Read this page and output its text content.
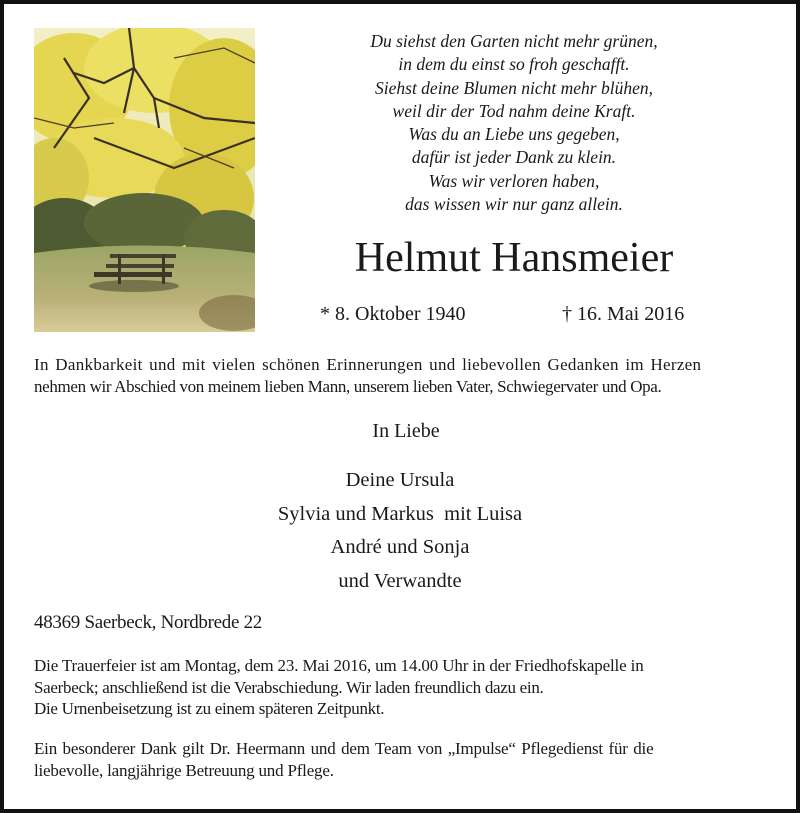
Du siehst den Garten nicht mehr grünen,
in dem du einst so froh geschafft.
Siehst deine Blumen nicht mehr blühen,
weil dir der Tod nahm deine Kraft.
Was du an Liebe uns gegeben,
dafür ist jeder Dank zu klein.
Was wir verloren haben,
das wissen wir nur ganz allein.
Helmut Hansmeier
* 8. Oktober 1940	† 16. Mai 2016
In Dankbarkeit und mit vielen schönen Erinnerungen und liebevollen Gedanken im Herzen
nehmen wir Abschied von meinem lieben Mann, unserem lieben Vater, Schwiegervater und Opa.
In Liebe
Deine Ursula
Sylvia und Markus  mit Luisa
André und Sonja
und Verwandte
48369 Saerbeck, Nordbrede 22
Die Trauerfeier ist am Montag, dem 23. Mai 2016, um 14.00 Uhr in der Friedhofskapelle in
Saerbeck; anschließend ist die Verabschiedung. Wir laden freundlich dazu ein.
Die Urnenbeisetzung ist zu einem späteren Zeitpunkt.
Ein besonderer Dank gilt Dr. Heermann und dem Team von „Impulse“ Pflegedienst für die
liebevolle, langjährige Betreuung und Pflege.
